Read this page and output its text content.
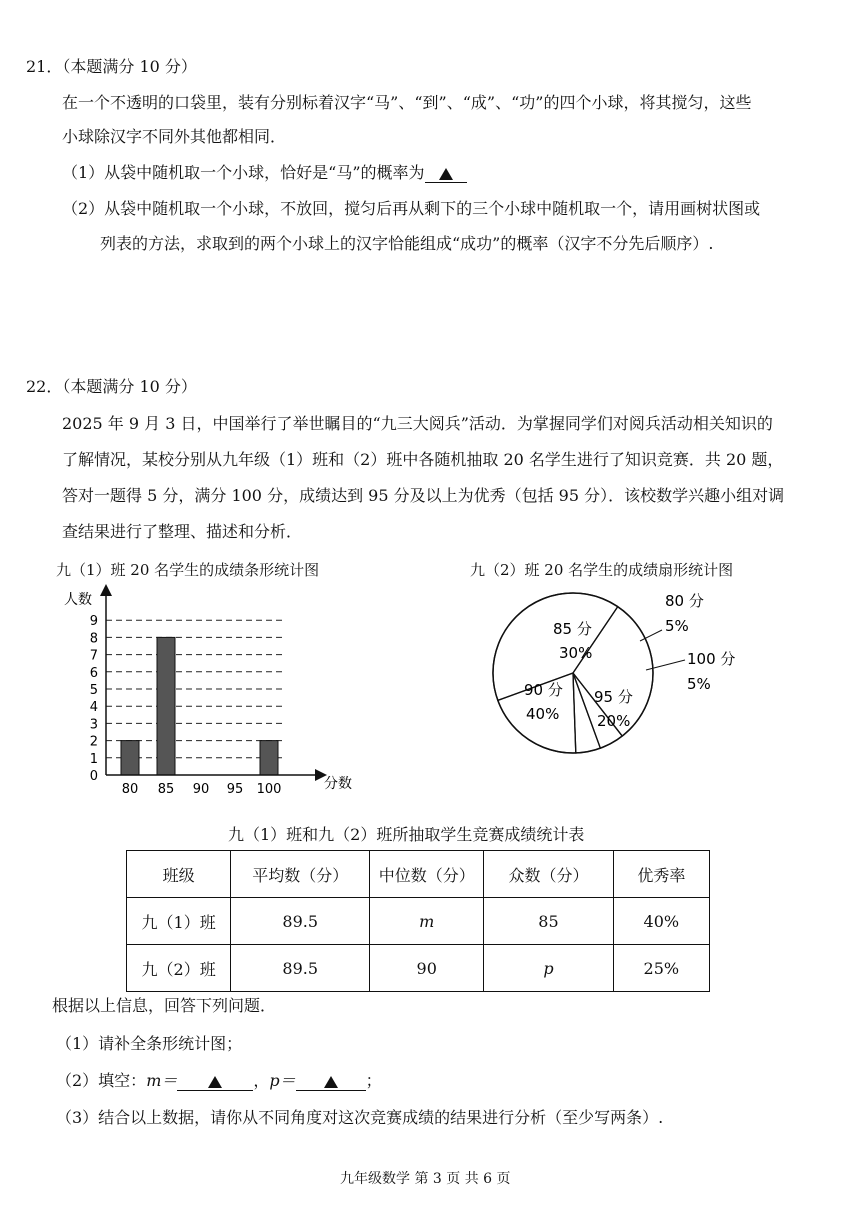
21．（本题满分 10 分）
在一个不透明的口袋里，装有分别标着汉字“马”、“到”、“成”、“功”的四个小球，将其搅匀，这些
小球除汉字不同外其他都相同．
（1）从袋中随机取一个小球，恰好是“马”的概率为
（2）从袋中随机取一个小球，不放回，搅匀后再从剩下的三个小球中随机取一个，请用画树状图或
列表的方法，求取到的两个小球上的汉字恰能组成“成功”的概率（汉字不分先后顺序）.
22．（本题满分 10 分）
2025 年 9 月 3 日，中国举行了举世瞩目的“九三大阅兵”活动．为掌握同学们对阅兵活动相关知识的
了解情况，某校分别从九年级（1）班和（2）班中各随机抽取 20 名学生进行了知识竞赛．共 20 题，
答对一题得 5 分，满分 100 分，成绩达到 95 分及以上为优秀（包括 95 分）．该校数学兴趣小组对调
查结果进行了整理、描述和分析．
九（1）班 20 名学生的成绩条形统计图	九（2）班 20 名学生的成绩扇形统计图
人数
分数
0
1
2
3
4
5
6
7
8
9
80 85 90 95 100
85 分
30%
80 分
5%
100 分
5%
95 分
20%
90 分
40%
九（1）班和九（2）班所抽取学生竞赛成绩统计表
班级	平均数（分）	中位数（分）	众数（分）	优秀率
九（1）班	89.5	m	85	40%
九（2）班	89.5	90	p	25%
根据以上信息，回答下列问题．
（1）请补全条形统计图；
（2）填空：m＝	，p＝	；
（3）结合以上数据，请你从不同角度对这次竞赛成绩的结果进行分析（至少写两条）.
九年级数学 第 3 页 共 6 页
